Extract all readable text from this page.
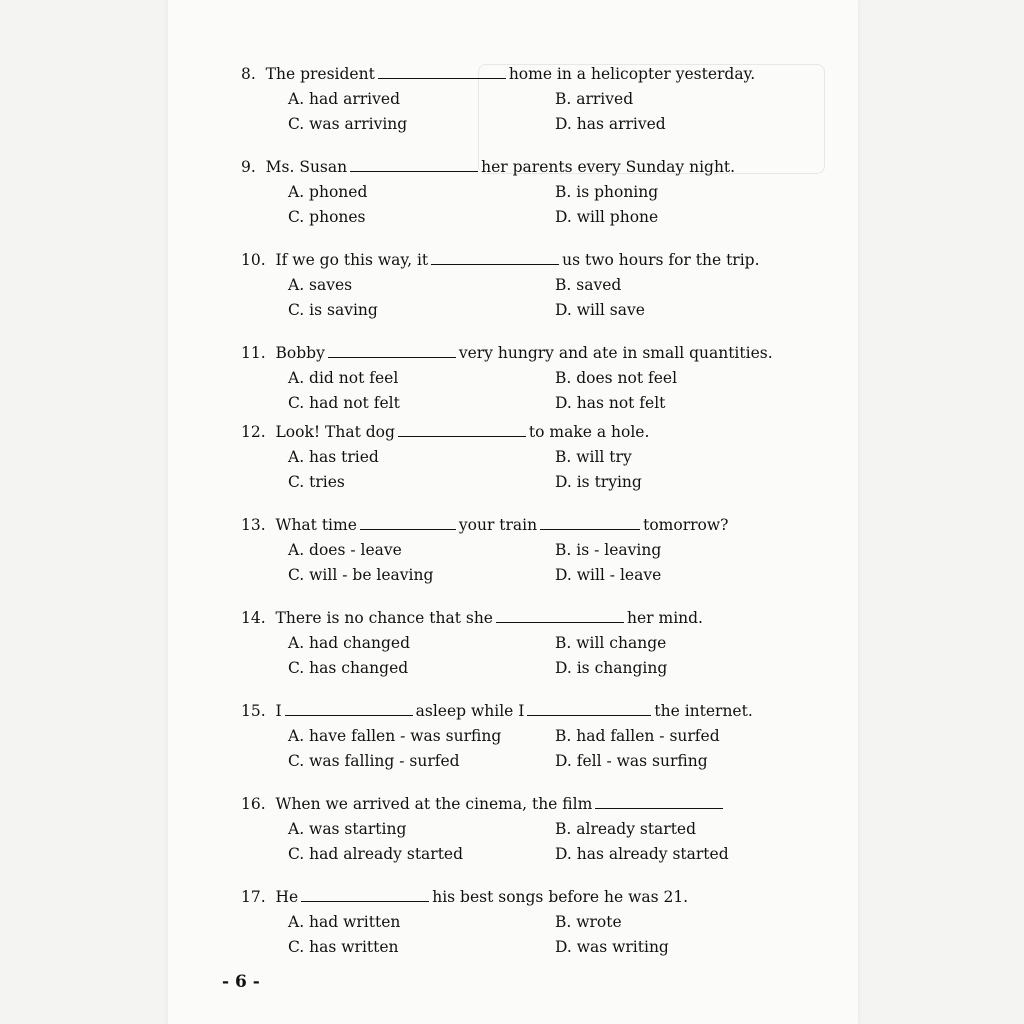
8.  The president	home in a helicopter yesterday.
A. had arrived	B. arrived
C. was arriving	D. has arrived
9.  Ms. Susan	her parents every Sunday night.
A. phoned	B. is phoning
C. phones	D. will phone
10.  If we go this way, it	us two hours for the trip.
A. saves	B. saved
C. is saving	D. will save
11.  Bobby	very hungry and ate in small quantities.
A. did not feel	B. does not feel
C. had not felt	D. has not felt
12.  Look! That dog	to make a hole.
A. has tried	B. will try
C. tries	D. is trying
13.  What time	your train	tomorrow?
A. does - leave	B. is - leaving
C. will - be leaving	D. will - leave
14.  There is no chance that she	her mind.
A. had changed	B. will change
C. has changed	D. is changing
15.  I	asleep while I	the internet.
A. have fallen - was surfing	B. had fallen - surfed
C. was falling - surfed	D. fell - was surfing
16.  When we arrived at the cinema, the film
A. was starting	B. already started
C. had already started	D. has already started
17.  He	his best songs before he was 21.
A. had written	B. wrote
C. has written	D. was writing
- 6 -
